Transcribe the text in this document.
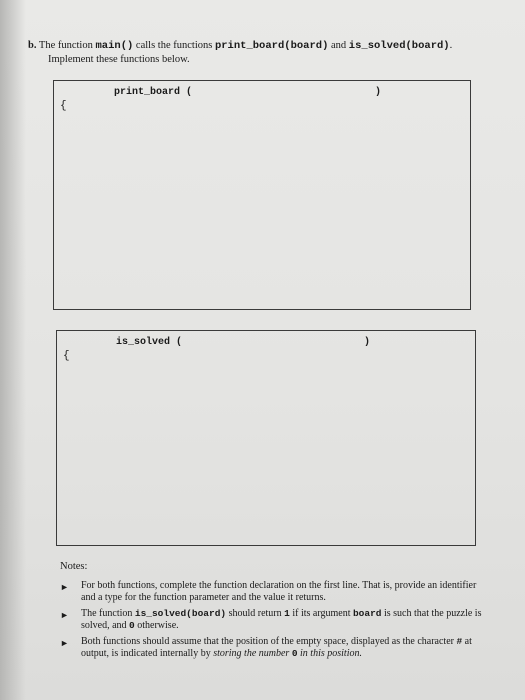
b. The function main() calls the functions print_board(board) and is_solved(board).
Implement these functions below.
print_board (	)
{
is_solved (	)
{
Notes:
► For both functions, complete the function declaration on the first line. That is, provide an identifier and a type for the function parameter and the value it returns.
► The function is_solved(board) should return 1 if its argument board is such that the puzzle is solved, and 0 otherwise.
► Both functions should assume that the position of the empty space, displayed as the character # at output, is indicated internally by storing the number 0 in this position.
